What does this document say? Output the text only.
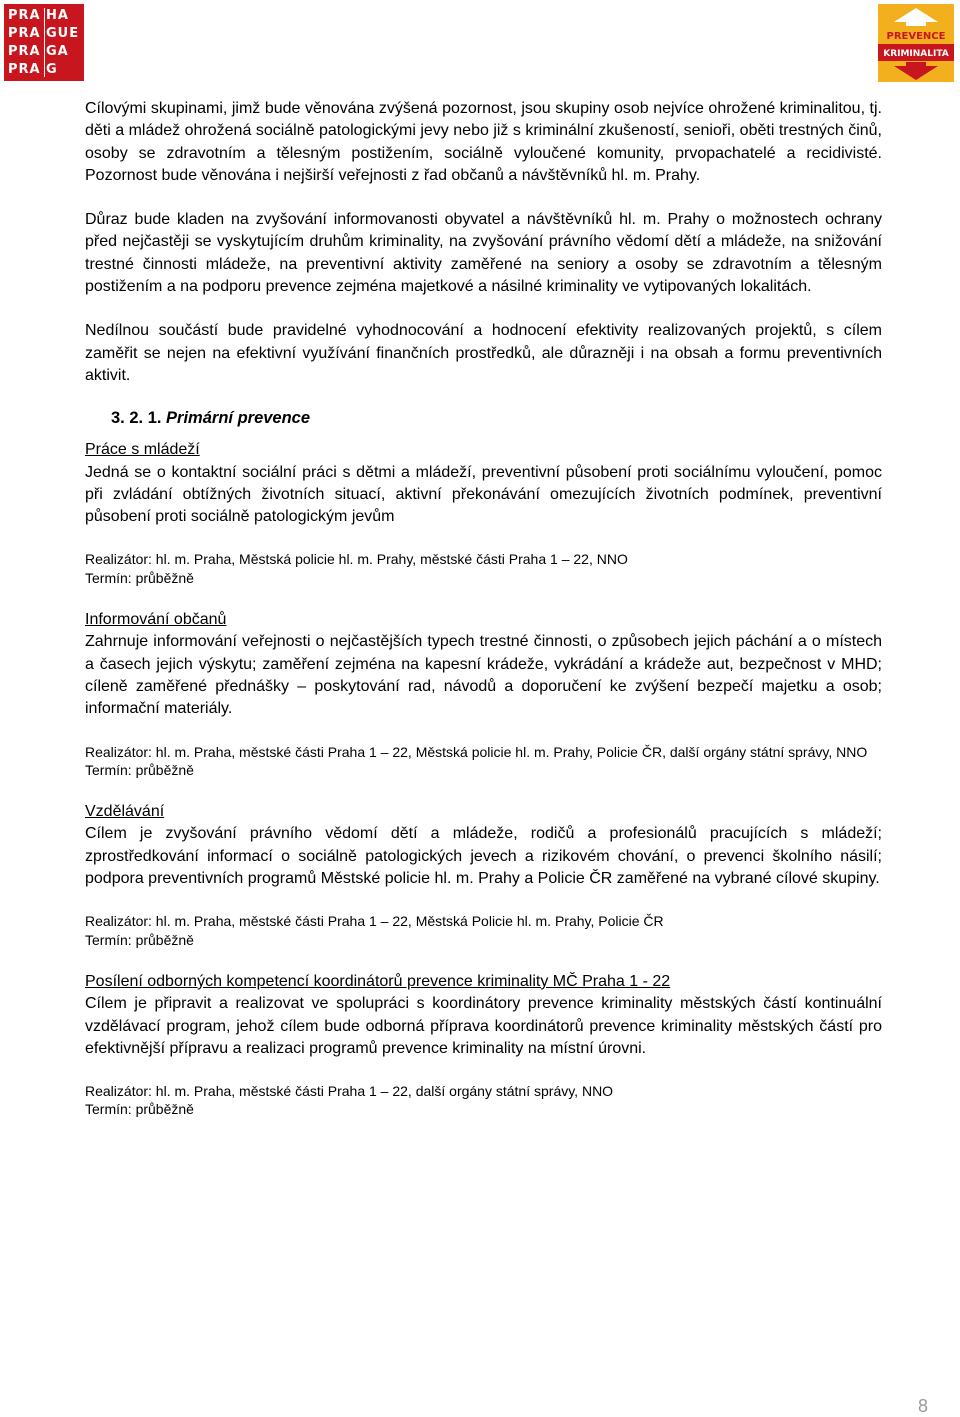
PRA HA
PRA GUE
PRA GA
PRA G
PREVENCE
KRIMINALITA

Cílovými skupinami, jimž bude věnována zvýšená pozornost, jsou skupiny osob nejvíce ohrožené kriminalitou, tj. děti a mládež ohrožená sociálně patologickými jevy nebo již s kriminální zkušeností, senioři, oběti trestných činů, osoby se zdravotním a tělesným postižením, sociálně vyloučené komunity, prvopachatelé a recidivisté. Pozornost bude věnována i nejširší veřejnosti z řad občanů a návštěvníků hl. m. Prahy.

Důraz bude kladen na zvyšování informovanosti obyvatel a návštěvníků hl. m. Prahy o možnostech ochrany před nejčastěji se vyskytujícím druhům kriminality, na zvyšování právního vědomí dětí a mládeže, na snižování trestné činnosti mládeže, na preventivní aktivity zaměřené na seniory a osoby se zdravotním a tělesným postižením a na podporu prevence zejména majetkové a násilné kriminality ve vytipovaných lokalitách.

Nedílnou součástí bude pravidelné vyhodnocování a hodnocení efektivity realizovaných projektů, s cílem zaměřit se nejen na efektivní využívání finančních prostředků, ale důrazněji i na obsah a formu preventivních aktivit.

3. 2. 1. Primární prevence

Práce s mládeží

Jedná se o kontaktní sociální práci s dětmi a mládeží, preventivní působení proti sociálnímu vyloučení, pomoc při zvládání obtížných životních situací, aktivní překonávání omezujících životních podmínek, preventivní působení proti sociálně patologickým jevům

Realizátor: hl. m. Praha, Městská policie hl. m. Prahy, městské části Praha 1 – 22, NNO

Termín: průběžně

Informování občanů

Zahrnuje informování veřejnosti o nejčastějších typech trestné činnosti, o způsobech jejich páchání a o místech a časech jejich výskytu; zaměření zejména na kapesní krádeže, vykrádání a krádeže aut, bezpečnost v MHD; cíleně zaměřené přednášky – poskytování rad, návodů a doporučení ke zvýšení bezpečí majetku a osob; informační materiály.

Realizátor: hl. m. Praha, městské části Praha 1 – 22, Městská policie hl. m. Prahy, Policie ČR, další orgány státní správy, NNO

Termín: průběžně

Vzdělávání

Cílem je zvyšování právního vědomí dětí a mládeže, rodičů a profesionálů pracujících s mládeží; zprostředkování informací o sociálně patologických jevech a rizikovém chování, o prevenci školního násilí; podpora preventivních programů Městské policie hl. m. Prahy a Policie ČR zaměřené na vybrané cílové skupiny.

Realizátor: hl. m. Praha, městské části Praha 1 – 22, Městská Policie hl. m. Prahy, Policie ČR

Termín: průběžně

Posílení odborných kompetencí koordinátorů prevence kriminality MČ Praha 1 - 22

Cílem je připravit a realizovat ve spolupráci s koordinátory prevence kriminality městských částí kontinuální vzdělávací program, jehož cílem bude odborná příprava koordinátorů prevence kriminality městských částí pro efektivnější přípravu a realizaci programů prevence kriminality na místní úrovni.

Realizátor: hl. m. Praha, městské části Praha 1 – 22, další orgány státní správy, NNO

Termín: průběžně

8
